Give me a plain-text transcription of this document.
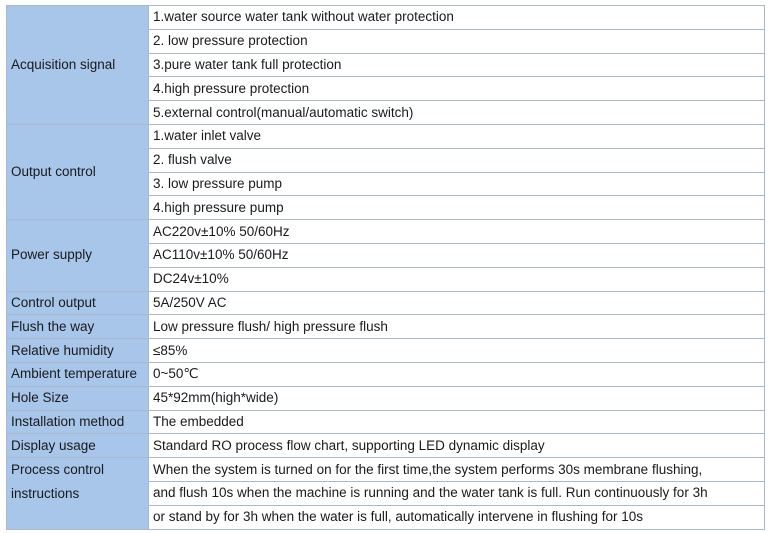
Acquisition signal	1.water source water tank without water protection
	2. low pressure protection
	3.pure water tank full protection
	4.high pressure protection
	5.external control(manual/automatic switch)
Output control	1.water inlet valve
	2. flush valve
	3. low pressure pump
	4.high pressure pump
Power supply	AC220v±10% 50/60Hz
	AC110v±10% 50/60Hz
	DC24v±10%
Control output	5A/250V AC
Flush the way	Low pressure flush/ high pressure flush
Relative humidity	≤85%
Ambient temperature	0~50℃
Hole Size	45*92mm(high*wide)
Installation method	The embedded
Display usage	Standard RO process flow chart, supporting LED dynamic display
Process control instructions	When the system is turned on for the first time,the system performs 30s membrane flushing,
	and flush 10s when the machine is running and the water tank is full. Run continuously for 3h
	or stand by for 3h when the water is full, automatically intervene in flushing for 10s
